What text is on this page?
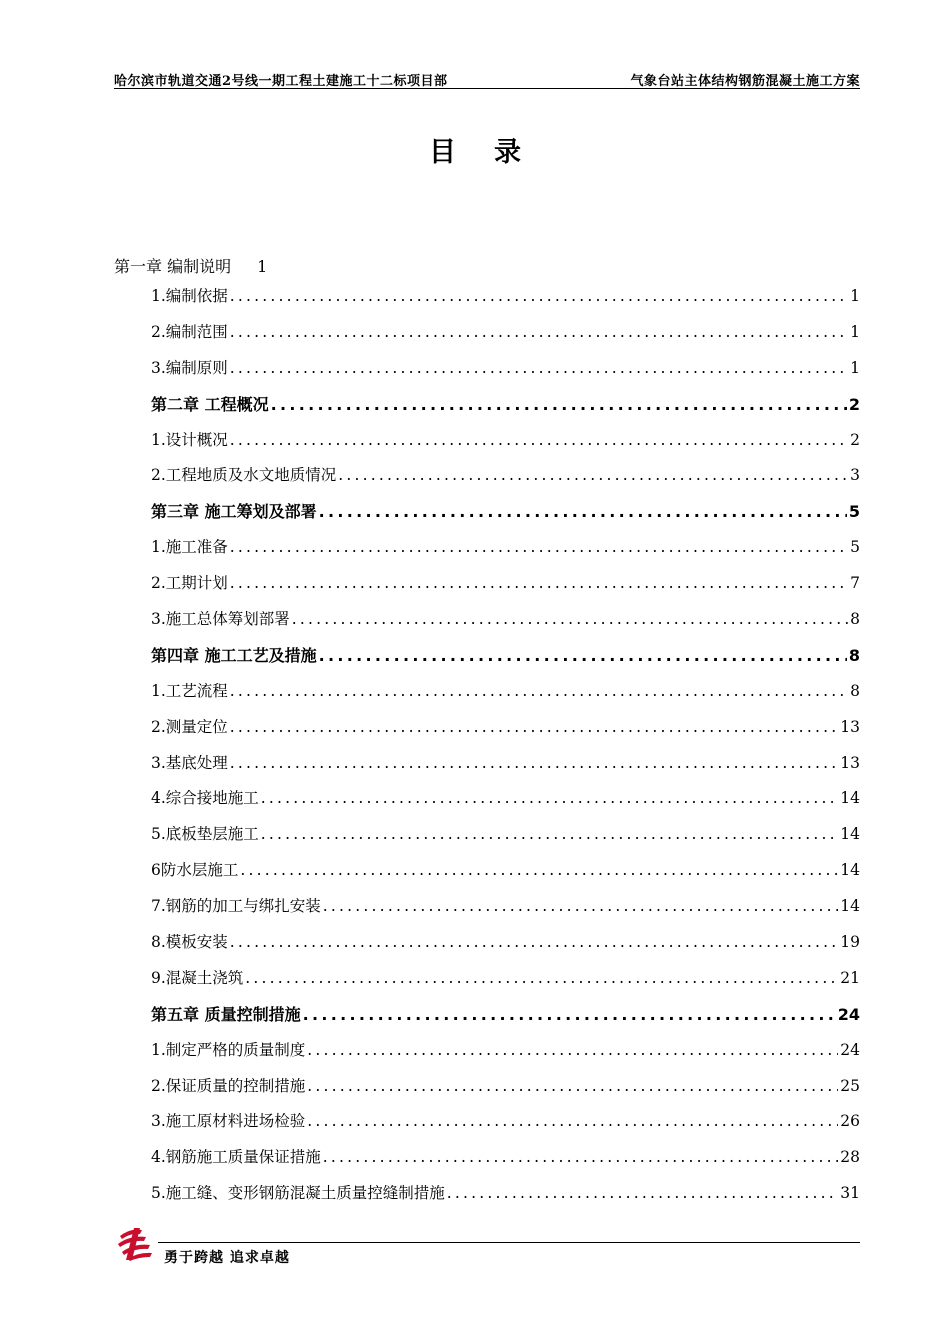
哈尔滨市轨道交通2号线一期工程土建施工十二标项目部	气象台站主体结构钢筋混凝土施工方案
目录
第一章 编制说明 1
1.编制依据 .....	1
2.编制范围 .....	1
3.编制原则 .....	1
第二章 工程概况 .....	2
1.设计概况 .....	2
2.工程地质及水文地质情况 .....	3
第三章 施工筹划及部署 .....	5
1.施工准备 .....	5
2.工期计划 .....	7
3.施工总体筹划部署 .....	8
第四章 施工工艺及措施 .....	8
1.工艺流程 .....	8
2.测量定位 .....	13
3.基底处理 .....	13
4.综合接地施工 .....	14
5.底板垫层施工 .....	14
6防水层施工 .....	14
7.钢筋的加工与绑扎安装 .....	14
8.模板安装 .....	19
9.混凝土浇筑 .....	21
第五章 质量控制措施 .....	24
1.制定严格的质量制度 .....	24
2.保证质量的控制措施 .....	25
3.施工原材料进场检验 .....	26
4.钢筋施工质量保证措施 .....	28
5.施工缝、变形钢筋混凝土质量控缝制措施 .....	31
勇于跨越 追求卓越
